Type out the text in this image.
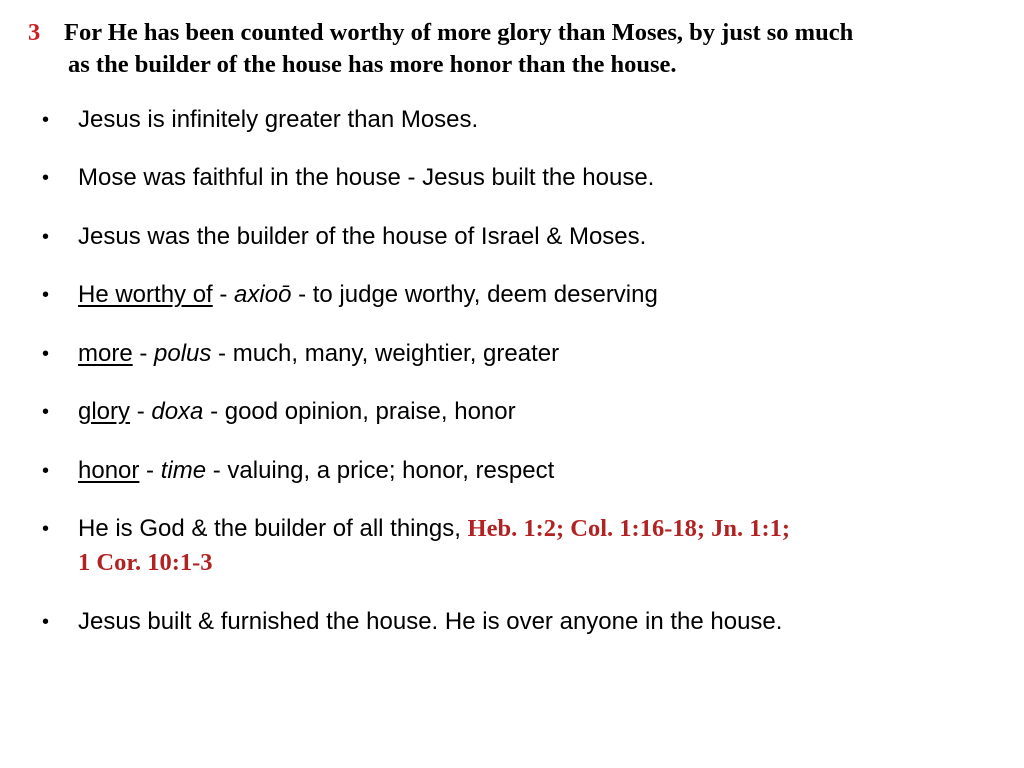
3 For He has been counted worthy of more glory than Moses, by just so much
as the builder of the house has more honor than the house.
• Jesus is infinitely greater than Moses.
• Mose was faithful in the house - Jesus built the house.
• Jesus was the builder of the house of Israel & Moses.
• He worthy of - axioō - to judge worthy, deem deserving
• more - polus - much, many, weightier, greater
• glory - doxa - good opinion, praise, honor
• honor - time - valuing, a price; honor, respect
• He is God & the builder of all things, Heb. 1:2; Col. 1:16-18; Jn. 1:1;
1 Cor. 10:1-3
• Jesus built & furnished the house. He is over anyone in the house.
